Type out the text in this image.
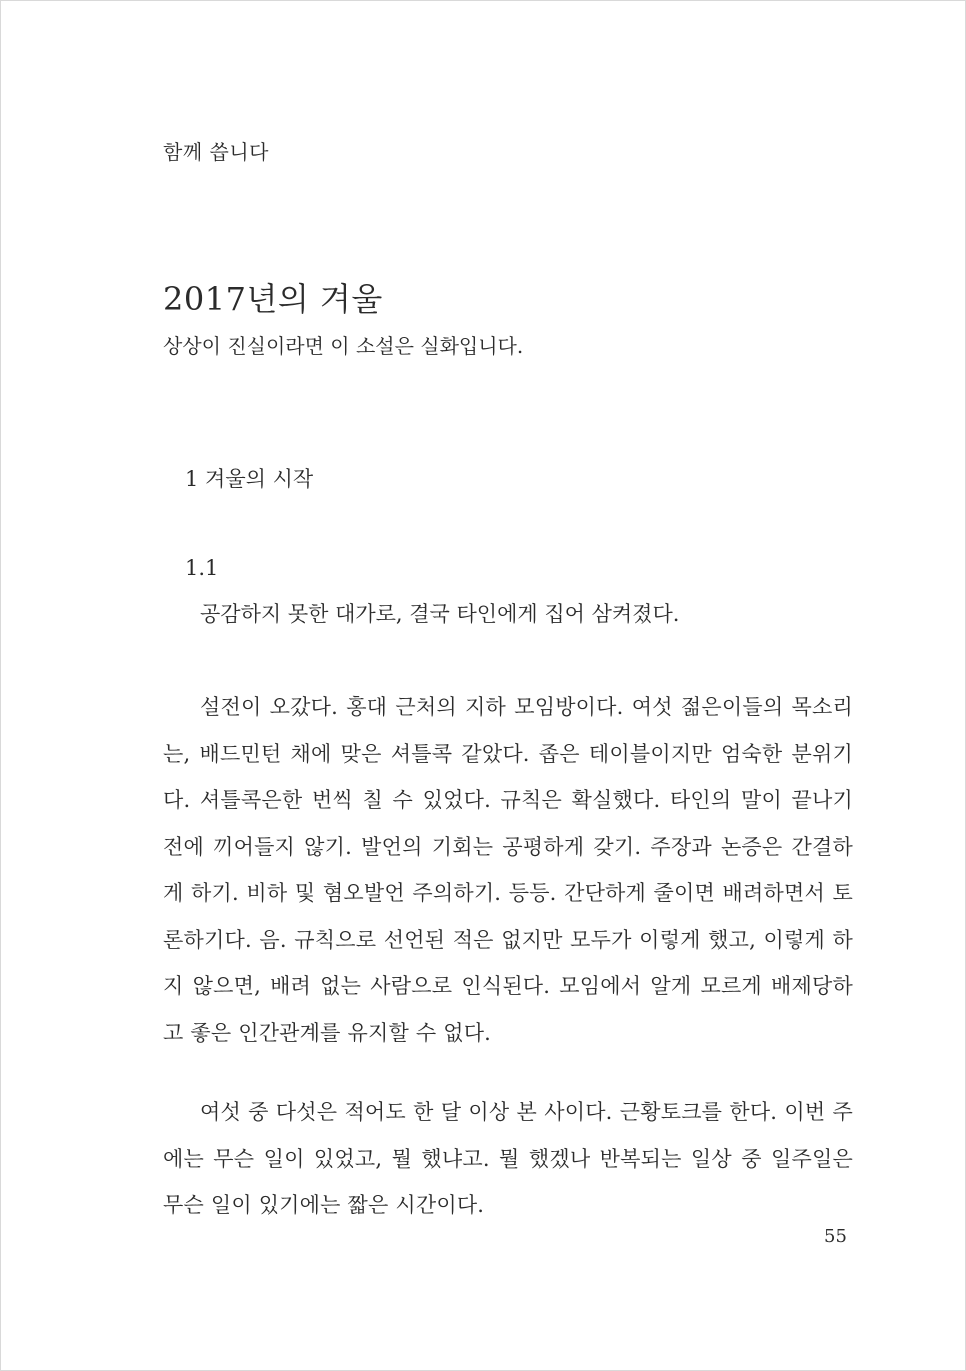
함께 씁니다
2017년의 겨울
상상이 진실이라면 이 소설은 실화입니다.
1 겨울의 시작
1.1
공감하지 못한 대가로, 결국 타인에게 집어 삼켜졌다.

설전이 오갔다. 홍대 근처의 지하 모임방이다. 여섯 젊은이들의 목소리는, 배드민턴 채에 맞은 셔틀콕 같았다. 좁은 테이블이지만 엄숙한 분위기다. 셔틀콕은한 번씩 칠 수 있었다. 규칙은 확실했다. 타인의 말이 끝나기 전에 끼어들지 않기. 발언의 기회는 공평하게 갖기. 주장과 논증은 간결하게 하기. 비하 및 혐오발언 주의하기. 등등. 간단하게 줄이면 배려하면서 토론하기다. 음. 규칙으로 선언된 적은 없지만 모두가 이렇게 했고, 이렇게 하지 않으면, 배려 없는 사람으로 인식된다. 모임에서 알게 모르게 배제당하고 좋은 인간관계를 유지할 수 없다.

여섯 중 다섯은 적어도 한 달 이상 본 사이다. 근황토크를 한다. 이번 주에는 무슨 일이 있었고, 뭘 했냐고. 뭘 했겠나 반복되는 일상 중 일주일은 무슨 일이 있기에는 짧은 시간이다.

55
